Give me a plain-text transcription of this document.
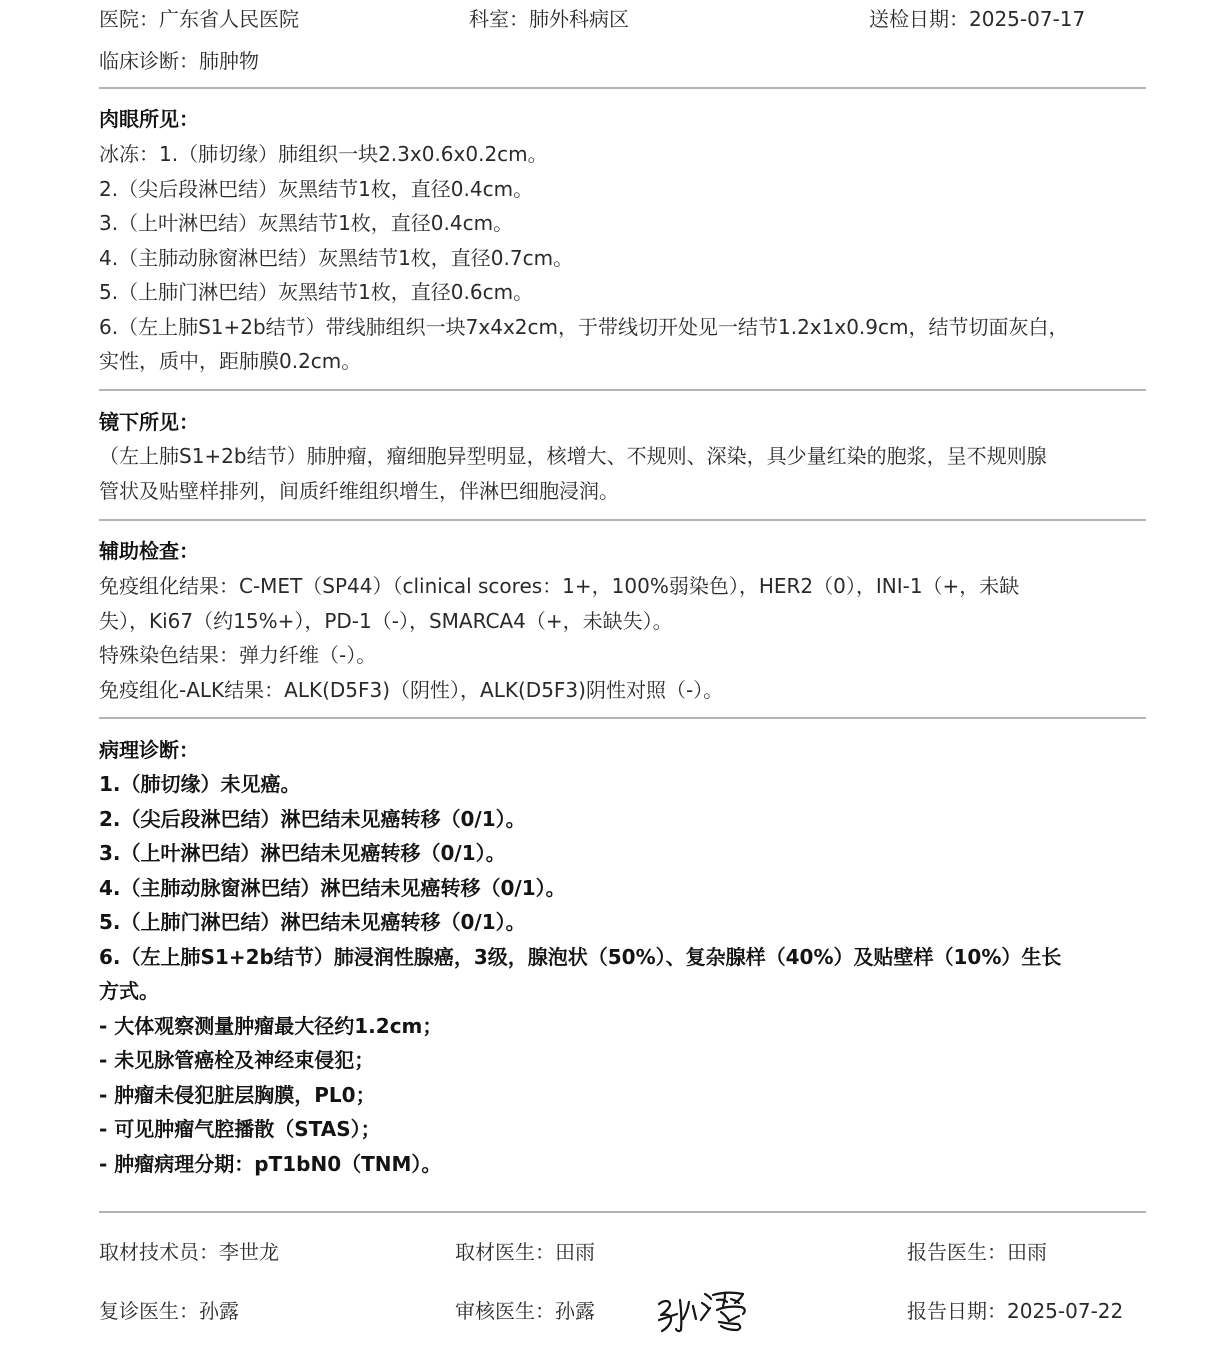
医院：广东省人民医院	科室：肺外科病区	送检日期：2025-07-17
临床诊断：肺肿物
肉眼所见：

冰冻：1.（肺切缘）肺组织一块2.3x0.6x0.2cm。

2.（尖后段淋巴结）灰黑结节1枚，直径0.4cm。

3.（上叶淋巴结）灰黑结节1枚，直径0.4cm。

4.（主肺动脉窗淋巴结）灰黑结节1枚，直径0.7cm。

5.（上肺门淋巴结）灰黑结节1枚，直径0.6cm。

6.（左上肺S1+2b结节）带线肺组织一块7x4x2cm，于带线切开处见一结节1.2x1x0.9cm，结节切面灰白，

实性，质中，距肺膜0.2cm。

镜下所见：

（左上肺S1+2b结节）肺肿瘤，瘤细胞异型明显，核增大、不规则、深染，具少量红染的胞浆，呈不规则腺

管状及贴壁样排列，间质纤维组织增生，伴淋巴细胞浸润。

辅助检查：

免疫组化结果：C-MET（SP44）（clinical scores：1+，100%弱染色），HER2（0），INI-1（+，未缺

失），Ki67（约15%+），PD-1（-），SMARCA4（+，未缺失）。

特殊染色结果：弹力纤维（-）。

免疫组化-ALK结果：ALK(D5F3)（阴性），ALK(D5F3)阴性对照（-）。

病理诊断：

1.（肺切缘）未见癌。

2.（尖后段淋巴结）淋巴结未见癌转移（0/1）。

3.（上叶淋巴结）淋巴结未见癌转移（0/1）。

4.（主肺动脉窗淋巴结）淋巴结未见癌转移（0/1）。

5.（上肺门淋巴结）淋巴结未见癌转移（0/1）。

6.（左上肺S1+2b结节）肺浸润性腺癌，3级，腺泡状（50%）、复杂腺样（40%）及贴壁样（10%）生长

方式。

- 大体观察测量肿瘤最大径约1.2cm；

- 未见脉管癌栓及神经束侵犯；

- 肿瘤未侵犯脏层胸膜，PL0；

- 可见肿瘤气腔播散（STAS）；

- 肿瘤病理分期：pT1bN0（TNM）。

取材技术员：李世龙	取材医生：田雨	报告医生：田雨
复诊医生：孙露	审核医生：孙露	报告日期：2025-07-22
